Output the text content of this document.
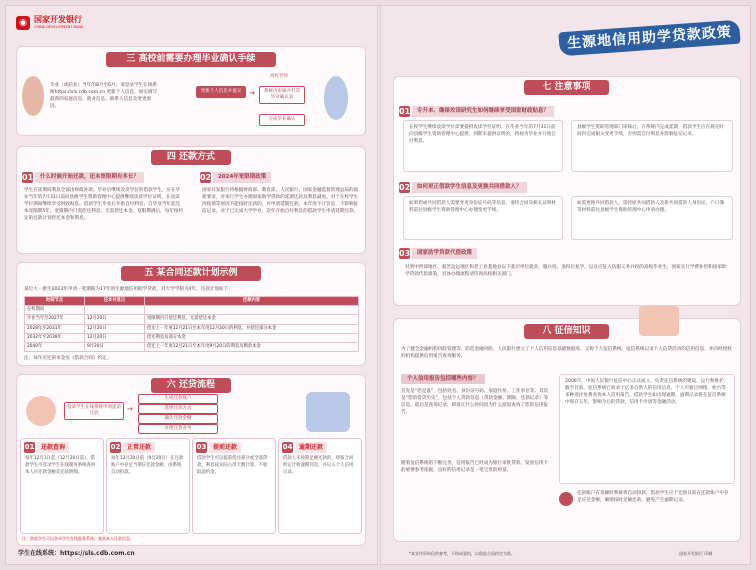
◉ 国家开发银行
CHINA DEVELOPMENT BANK
三 高校前需要办理毕业确认手续
毕业（或结业）当年的8月至6月，请登录学生在线系统https://sls.cdb.com.cn 更新个人信息，如实填写最新的家庭信息、就业信息、联系人信息及变更原因。
更新个人信息并提交	→
高校老师
系统内审核并打印毕业确认表
完成毕业确认
四 还款方式
01	什么时候开始还款，还本宽限期有多长？
学生在读期间利息全部由财政补助。毕业后继续攻读学位的借款学生，应在毕业当年的7月31日前向县级学生资助管理中心提供继续攻读学位证明，在攻读学位期间继续享受财政贴息。借款学生毕业后开始自付利息，自毕业当年起还本宽限期5年，宽限期内只需偿还利息，无需偿还本金。宽限期满后，每年按约定的还款计划偿还本金和利息。
02	2024年宽限期政策
国家开发银行将根据财政部、教育部、人民银行、国家金融监督管理总局的最新要求，对本行学生办理国家助学贷款的延期还款及利息减免。对于在校学生因疫情等原因不能按时还款的，可申请延期还款，本年度不计罚息，不影响征信记录。对于已完成大学学业，次年开始自付利息的借款学生申请延期还款。
五 某合同还款计划示例
某位大一新生2023年申请一笔期限为17年的生源地信用助学贷款，其大学学制为4年，还款计划如下：
时间节点	还本付息日	还款内容
在校期间		
毕业当年至2027年	12月20日	宽限期内只偿还利息，无需偿还本金
2028年至2031年	12月20日	偿还上一年度12月21日至本年度12月20日的利息，并偿还部分本金
2032年至2039年	12月20日	偿还利息及部分本金
2040年	9月20日	偿还上一年度12月21日至本年度9月20日的利息及剩余本金
注：每年应还的本金见《借款合同》约定。
六 还贷流程
登录学生在线系统申请提前还款
→
生成还款账户
选择还款方式
确认还款金额
办理还款业务
01	还款查询
每年12月1日起（12月20日前），借款学生可登录学生在线服务系统查询本人应还款金额及还款明细。
02	正常还款
每年12月20日前（9月20日）在还款账户中存足当期应还款金额，由系统自动扣款。
03	提前还款
借款学生可以提前偿还部分或全部贷款，利息按实际占用天数计算，不收取违约金。
04	逾期还款
借款人未按期足额还款的，将按合同约定计收逾期罚息，并记入个人信用记录。
注：借款学生可以登录学生在线服务系统，查询本人还款信息。
学生在线系统：https://sls.cdb.com.cn
生源地信用助学贷款政策
七 注意事项
01	专升本、继续攻读研究生如何继续享受国家财政贴息？
在校学生继续攻读学位需要提供攻读学位证明，在毕业当年的7月31日前向县级学生资助管理中心提供，到期未提供证明的，将视为毕业并开始自付利息。
县级学生资助管理部门审核后，在系统内完成延期，借款学生应在规定时间内完成相关变更手续，否则需自付利息并影响征信记录。
02	如何更正借款学生信息及更换共同借款人？
如果您或共同借款人需要变更身份证号码等信息，请持合同及相关证明材料前往县级学生资助管理中心办理变更手续。
如需更换共同借款人，需持原共同借款人及新共同借款人身份证、户口簿等材料前往县级学生资助管理中心申请办理。
03	国家助学贷款代偿政策
对到中西部地区、艰苦边远地区和老工业基地县以下基层单位就业，服兵役，退役后复学，以及应征入伍服义务兵役的高校毕业生，国家实行学费补偿和国家助学贷款代偿政策，具体办理流程请咨询高校相关部门。
八 征信知识
为了健全金融机构风险管理等，防范金融风险，人民银行建立了个人信用信息基础数据库，又称个人征信系统。征信系统记录个人信贷活动的信用信息，并向经授权的机构提供信用报告查询服务。
个人信用报告包括哪些内容？
首先是“您是谁”，包括姓名、身份证号码、家庭住址、工作单位等。其次是“您的借贷历史”，包括个人贷款信息（贷款金额、期限、还款记录）等信息。最后是查询记录，即谁在什么时间因为什么原因查询了您的信用报告。
随着征信系统的不断完善，信用报告已经成为银行审批贷款、发放信用卡的重要参考依据，良好的信用记录是一笔宝贵的财富。
2006年，中国人民银行征信中心正式成立，负责征信系统的建设、运行和维护。截至目前，征信系统已收录十亿多自然人的信用信息，个人可通过网络、柜台等多种途径免费查询本人信用报告。借款学生如出现逾期，逾期记录将在征信系统中保存五年，影响今后的贷款、信用卡申请等金融活动。
还款账户有余额时系统将自动扣款，借款学生应于还款日前在还款账户中存足应还金额，确保按时足额还款，避免产生逾期记录。
*本宣传资料仅供参考，不构成要约，以借款合同约定为准。	国家开发银行 印制
